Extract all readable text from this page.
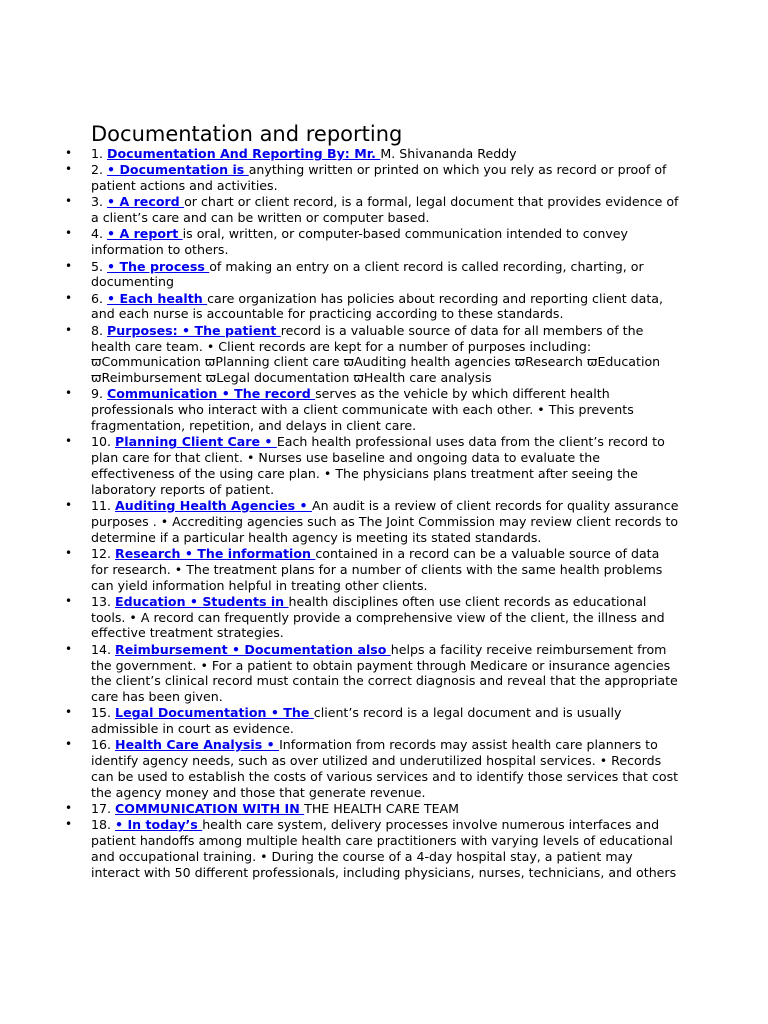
Documentation and reporting
• 1. Documentation And Reporting By: Mr. M. Shivananda Reddy
• 2. • Documentation is anything written or printed on which you rely as record or proof of patient actions and activities.
• 3. • A record or chart or client record, is a formal, legal document that provides evidence of a client’s care and can be written or computer based.
• 4. • A report is oral, written, or computer-based communication intended to convey information to others.
• 5. • The process of making an entry on a client record is called recording, charting, or documenting
• 6. • Each health care organization has policies about recording and reporting client data, and each nurse is accountable for practicing according to these standards.
• 8. Purposes: • The patient record is a valuable source of data for all members of the health care team. • Client records are kept for a number of purposes including: ϖCommunication ϖPlanning client care ϖAuditing health agencies ϖResearch ϖEducation ϖReimbursement ϖLegal documentation ϖHealth care analysis
• 9. Communication • The record serves as the vehicle by which different health professionals who interact with a client communicate with each other. • This prevents fragmentation, repetition, and delays in client care.
• 10. Planning Client Care • Each health professional uses data from the client’s record to plan care for that client. • Nurses use baseline and ongoing data to evaluate the effectiveness of the using care plan. • The physicians plans treatment after seeing the laboratory reports of patient.
• 11. Auditing Health Agencies • An audit is a review of client records for quality assurance purposes . • Accrediting agencies such as The Joint Commission may review client records to determine if a particular health agency is meeting its stated standards.
• 12. Research • The information contained in a record can be a valuable source of data for research. • The treatment plans for a number of clients with the same health problems can yield information helpful in treating other clients.
• 13. Education • Students in health disciplines often use client records as educational tools. • A record can frequently provide a comprehensive view of the client, the illness and effective treatment strategies.
• 14. Reimbursement • Documentation also helps a facility receive reimbursement from the government. • For a patient to obtain payment through Medicare or insurance agencies the client’s clinical record must contain the correct diagnosis and reveal that the appropriate care has been given.
• 15. Legal Documentation • The client’s record is a legal document and is usually admissible in court as evidence.
• 16. Health Care Analysis • Information from records may assist health care planners to identify agency needs, such as over utilized and underutilized hospital services. • Records can be used to establish the costs of various services and to identify those services that cost the agency money and those that generate revenue.
• 17. COMMUNICATION WITH IN THE HEALTH CARE TEAM
• 18. • In today’s health care system, delivery processes involve numerous interfaces and patient handoffs among multiple health care practitioners with varying levels of educational and occupational training. • During the course of a 4-day hospital stay, a patient may interact with 50 different professionals, including physicians, nurses, technicians, and others
